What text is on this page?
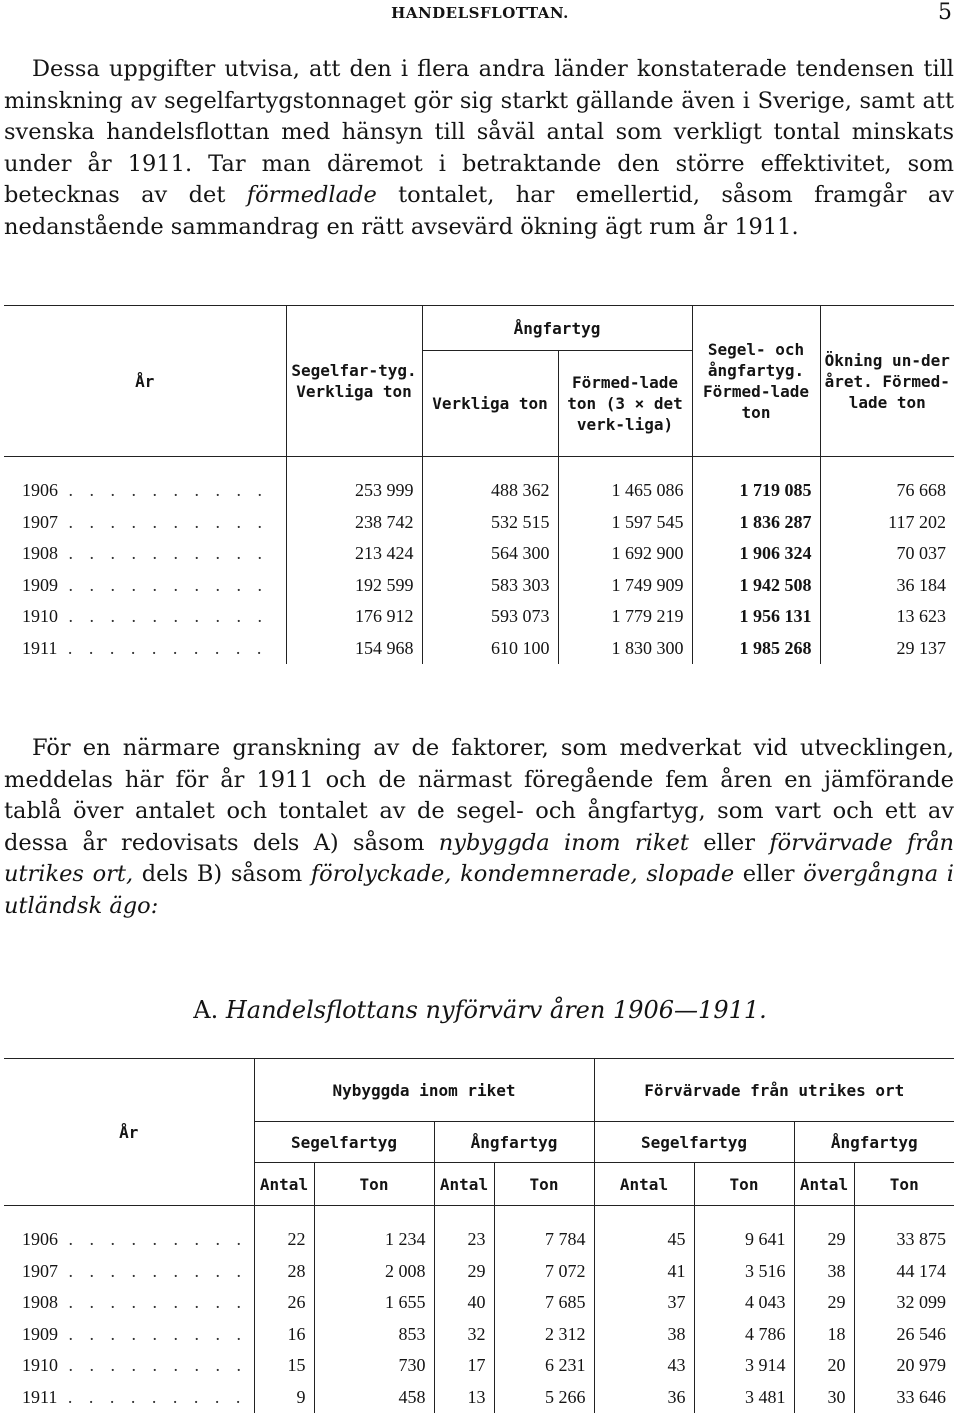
HANDELSFLOTTAN.	5
Dessa uppgifter utvisa, att den i flera andra länder konstaterade tendensen till minskning av segelfartygstonnaget gör sig starkt gällande även i Sverige, samt att svenska handelsflottan med hänsyn till såväl antal som verkligt tontal minskats under år 1911. Tar man däremot i betraktande den större effektivitet, som betecknas av det förmedlade tontalet, har emellertid, såsom framgår av nedanstående sammandrag en rätt avsevärd ökning ägt rum år 1911.
År	Segelfar-tyg. Verkliga ton	Ångfartyg		Segel- och ångfartyg. Förmed-lade ton	Ökning un-der året. Förmed-lade ton
		Verkliga ton	Förmed-lade ton (3 × det verk-liga)		

1906 . . . . . . . . . .	253 999	488 362	1 465 086	1 719 085	76 668
1907 . . . . . . . . . .	238 742	532 515	1 597 545	1 836 287	117 202
1908 . . . . . . . . . .	213 424	564 300	1 692 900	1 906 324	70 037
1909 . . . . . . . . . .	192 599	583 303	1 749 909	1 942 508	36 184
1910 . . . . . . . . . .	176 912	593 073	1 779 219	1 956 131	13 623
1911 . . . . . . . . . .	154 968	610 100	1 830 300	1 985 268	29 137
För en närmare granskning av de faktorer, som medverkat vid utvecklingen, meddelas här för år 1911 och de närmast föregående fem åren en jämförande tablå över antalet och tontalet av de segel- och ångfartyg, som vart och ett av dessa år redovisats dels A) såsom nybyggda inom riket eller förvärvade från utrikes ort, dels B) såsom förolyckade, kondemnerade, slopade eller övergångna i utländsk ägo:
A. Handelsflottans nyförvärv åren 1906—1911.
År	Nybyggda inom riket				Förvärvade från utrikes ort			
	Segelfartyg		Ångfartyg		Segelfartyg		Ångfartyg	
	Antal	Ton	Antal	Ton	Antal	Ton	Antal	Ton

1906 . . . . . . . . .	22	1 234	23	7 784	45	9 641	29	33 875
1907 . . . . . . . . .	28	2 008	29	7 072	41	3 516	38	44 174
1908 . . . . . . . . .	26	1 655	40	7 685	37	4 043	29	32 099
1909 . . . . . . . . .	16	853	32	2 312	38	4 786	18	26 546
1910 . . . . . . . . .	15	730	17	6 231	43	3 914	20	20 979
1911 . . . . . . . . .	9	458	13	5 266	36	3 481	30	33 646
